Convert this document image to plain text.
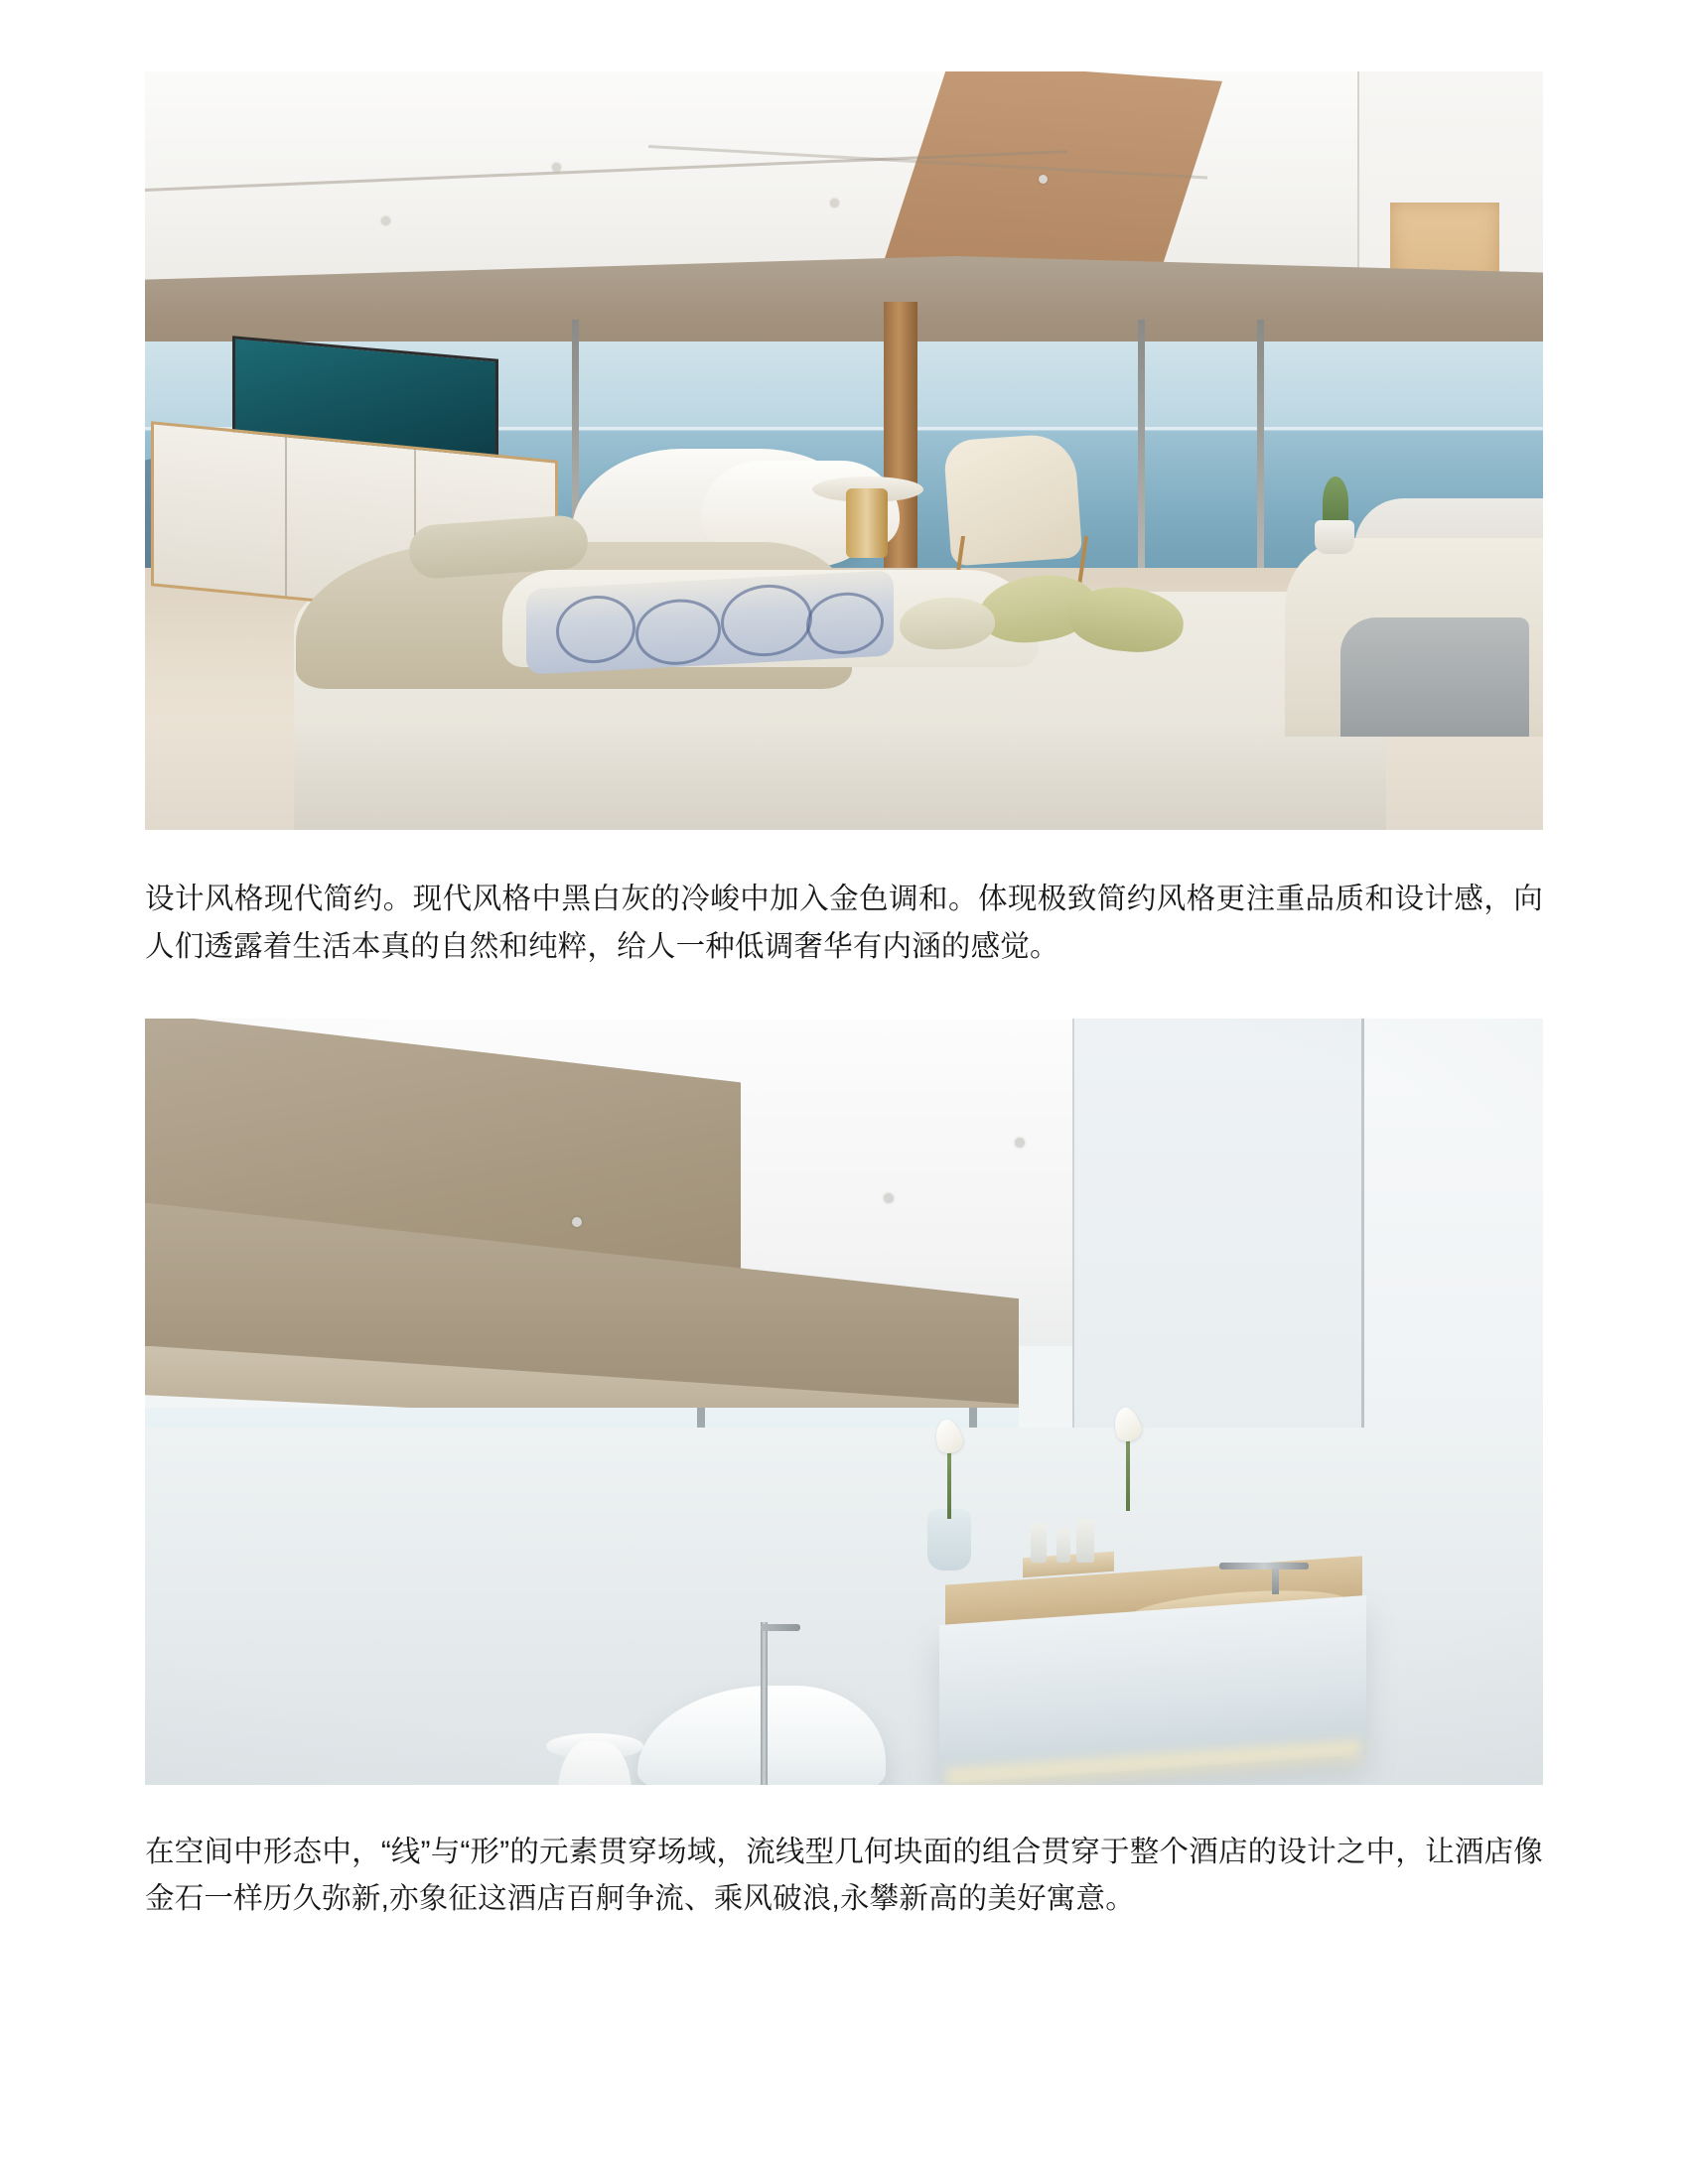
设计风格现代简约。现代风格中黑白灰的冷峻中加入金色调和。体现极致简约风格更注重品质和设计感，向人们透露着生活本真的自然和纯粹，给人一种低调奢华有内涵的感觉。

在空间中形态中，“线”与“形”的元素贯穿场域，流线型几何块面的组合贯穿于整个酒店的设计之中，让酒店像金石一样历久弥新,亦象征这酒店百舸争流、乘风破浪,永攀新高的美好寓意。
